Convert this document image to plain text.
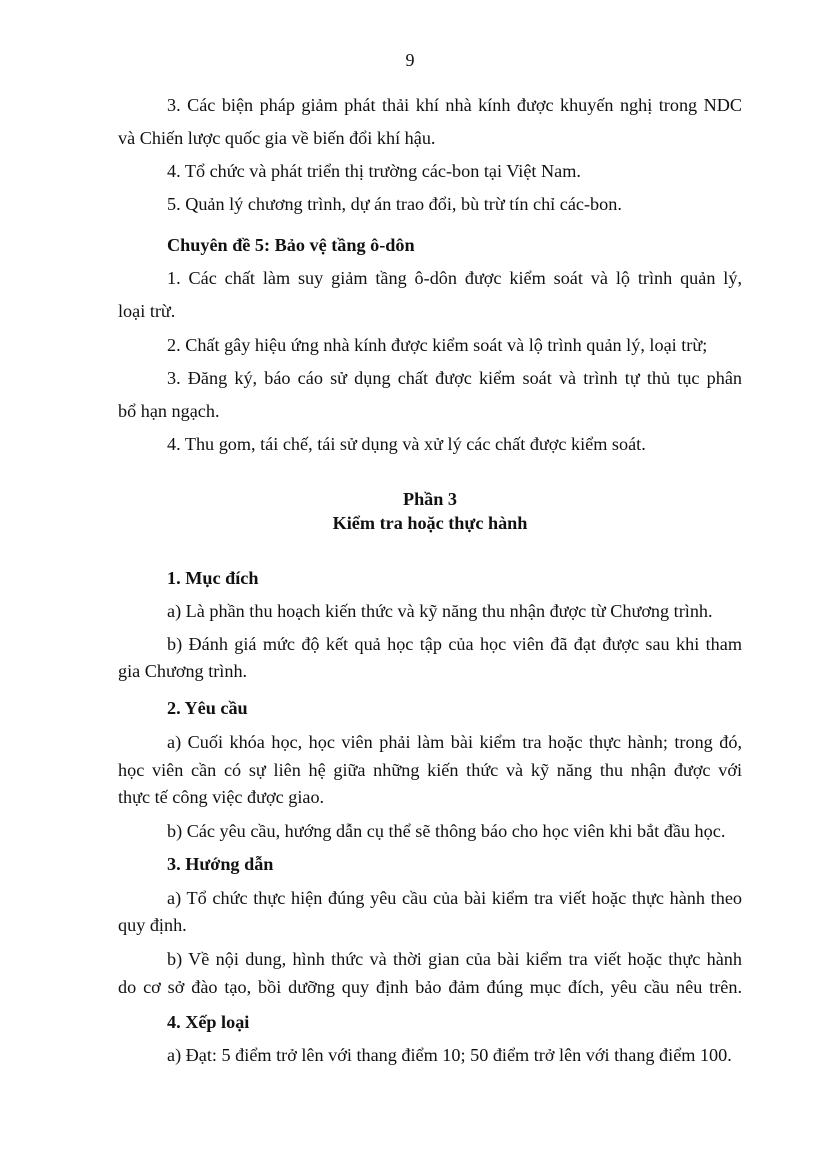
9
3. Các biện pháp giảm phát thải khí nhà kính được khuyến nghị trong NDC
và Chiến lược quốc gia về biến đổi khí hậu.
4. Tổ chức và phát triển thị trường các-bon tại Việt Nam.
5. Quản lý chương trình, dự án trao đổi, bù trừ tín chỉ các-bon.
Chuyên đề 5: Bảo vệ tầng ô-dôn
1. Các chất làm suy giảm tầng ô-dôn được kiểm soát và lộ trình quản lý,
loại trừ.
2. Chất gây hiệu ứng nhà kính được kiểm soát và lộ trình quản lý, loại trừ;
3. Đăng ký, báo cáo sử dụng chất được kiểm soát và trình tự thủ tục phân
bổ hạn ngạch.
4. Thu gom, tái chế, tái sử dụng và xử lý các chất được kiểm soát.
Phần 3
Kiểm tra hoặc thực hành
1. Mục đích
a) Là phần thu hoạch kiến thức và kỹ năng thu nhận được từ Chương trình.
b) Đánh giá mức độ kết quả học tập của học viên đã đạt được sau khi tham
gia Chương trình.
2. Yêu cầu
a) Cuối khóa học, học viên phải làm bài kiểm tra hoặc thực hành; trong đó,
học viên cần có sự liên hệ giữa những kiến thức và kỹ năng thu nhận được với
thực tế công việc được giao.
b) Các yêu cầu, hướng dẫn cụ thể sẽ thông báo cho học viên khi bắt đầu học.
3. Hướng dẫn
a) Tổ chức thực hiện đúng yêu cầu của bài kiểm tra viết hoặc thực hành theo
quy định.
b) Về nội dung, hình thức và thời gian của bài kiểm tra viết hoặc thực hành
do cơ sở đào tạo, bồi dưỡng quy định bảo đảm đúng mục đích, yêu cầu nêu trên.
4. Xếp loại
a) Đạt: 5 điểm trở lên với thang điểm 10; 50 điểm trở lên với thang điểm 100.
